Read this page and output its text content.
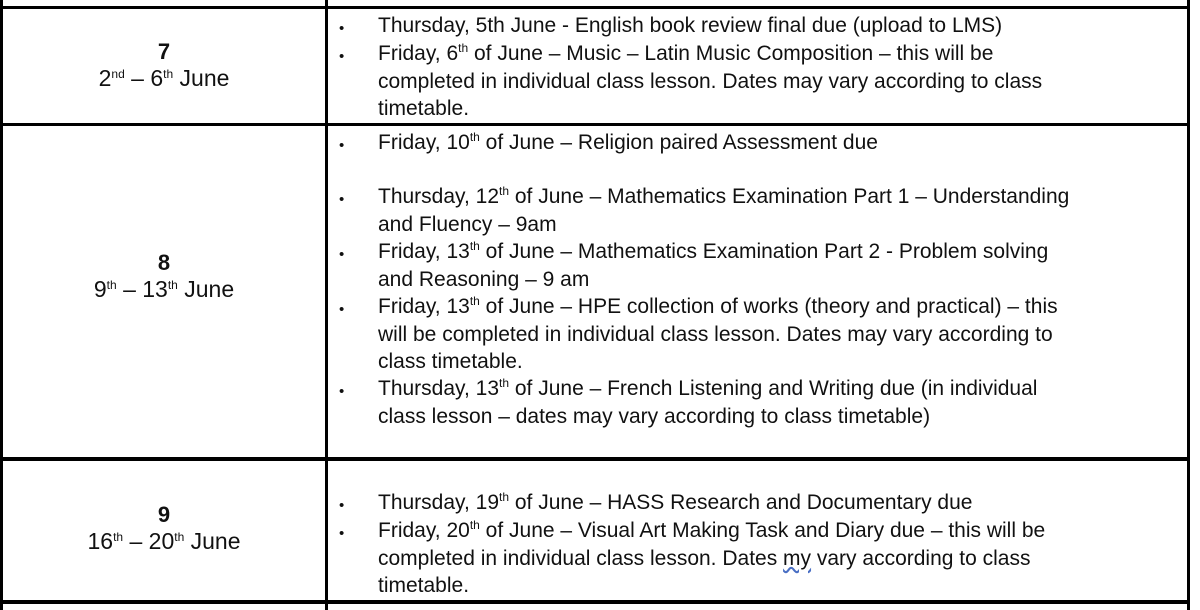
7
2nd – 6th June
• Thursday, 5th June - English book review final due (upload to LMS)
• Friday, 6th of June – Music – Latin Music Composition – this will be
completed in individual class lesson. Dates may vary according to class
timetable.
8
9th – 13th June
• Friday, 10th of June – Religion paired Assessment due
• Thursday, 12th of June – Mathematics Examination Part 1 – Understanding
and Fluency – 9am
• Friday, 13th of June – Mathematics Examination Part 2 - Problem solving
and Reasoning – 9 am
• Friday, 13th of June – HPE collection of works (theory and practical) – this
will be completed in individual class lesson. Dates may vary according to
class timetable.
• Thursday, 13th of June – French Listening and Writing due (in individual
class lesson – dates may vary according to class timetable)
9
16th – 20th June
• Thursday, 19th of June – HASS Research and Documentary due
• Friday, 20th of June – Visual Art Making Task and Diary due – this will be
completed in individual class lesson. Dates my vary according to class
timetable.
